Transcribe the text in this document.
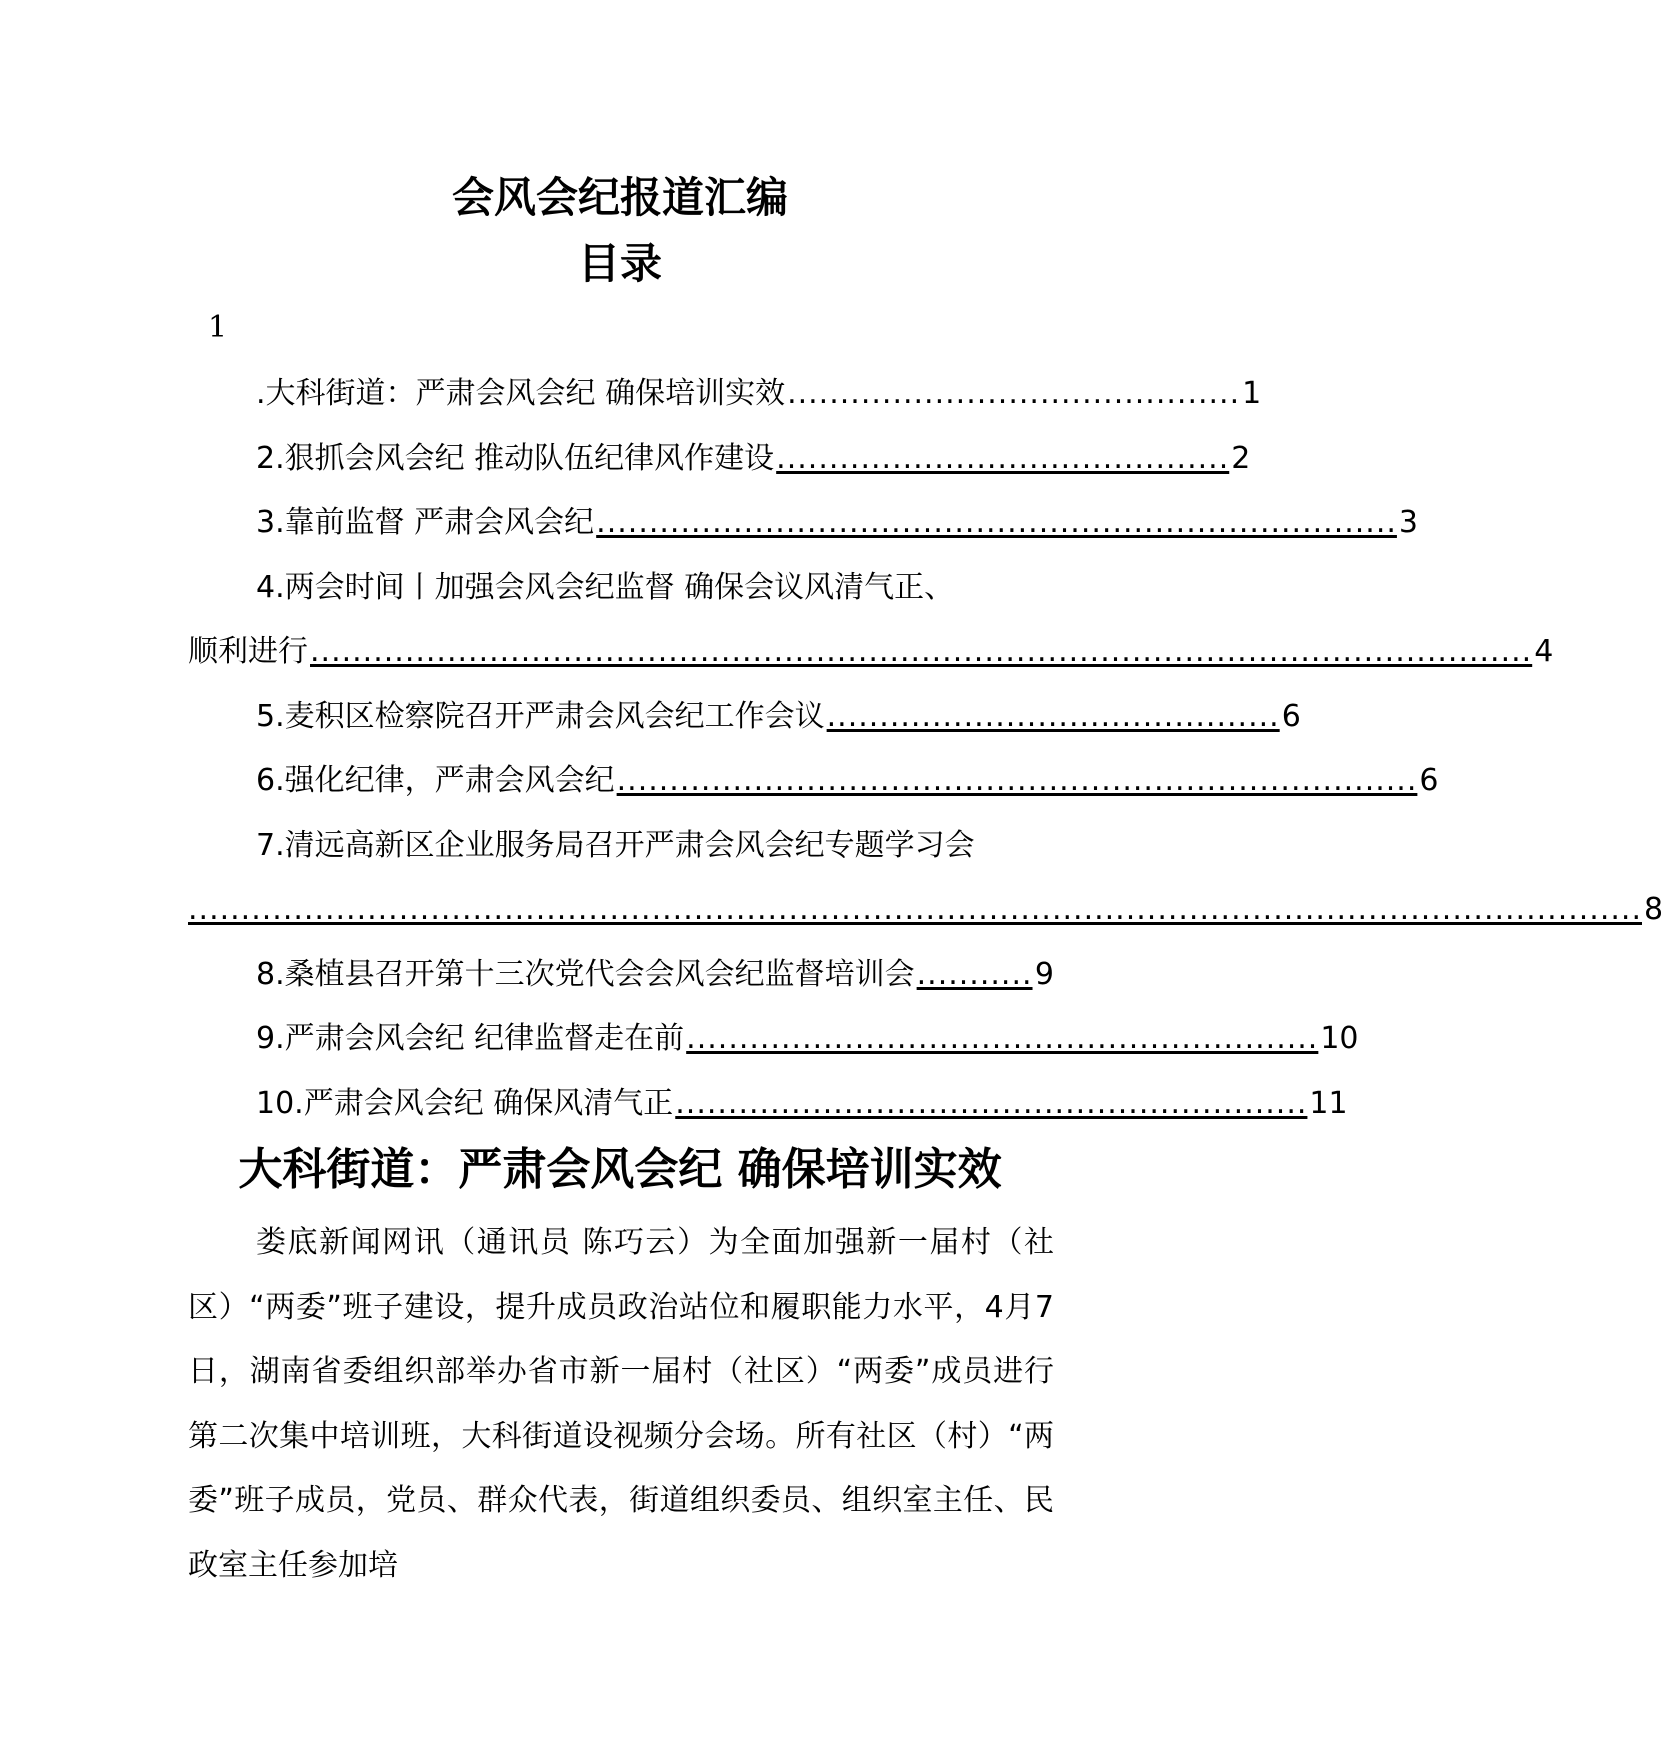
会风会纪报道汇编
目录
1
.大科街道：严肃会风会纪 确保培训实效 ........................................... 1
2.狠抓会风会纪 推动队伍纪律风作建设 ........................................... 2
3.靠前监督 严肃会风会纪 ............................................................................ 3
4.两会时间丨加强会风会纪监督 确保会议风清气正、
顺利进行 .................................................................................................................... 4
5.麦积区检察院召开严肃会风会纪工作会议 ........................................... 6
6.强化纪律，严肃会风会纪 ............................................................................ 6
7.清远高新区企业服务局召开严肃会风会纪专题学习会
.......................................................................................................................................... 8
8.桑植县召开第十三次党代会会风会纪监督培训会 ........... 9
9.严肃会风会纪 纪律监督走在前 ............................................................ 10
10.严肃会风会纪 确保风清气正 ............................................................ 11
大科街道：严肃会风会纪 确保培训实效

娄底新闻网讯（通讯员 陈巧云）为全面加强新一届村（社区）“两委”班子建设，提升成员政治站位和履职能力水平，4月7日，湖南省委组织部举办省市新一届村（社区）“两委”成员进行第二次集中培训班，大科街道设视频分会场。所有社区（村）“两委”班子成员，党员、群众代表，街道组织委员、组织室主任、民政室主任参加培
